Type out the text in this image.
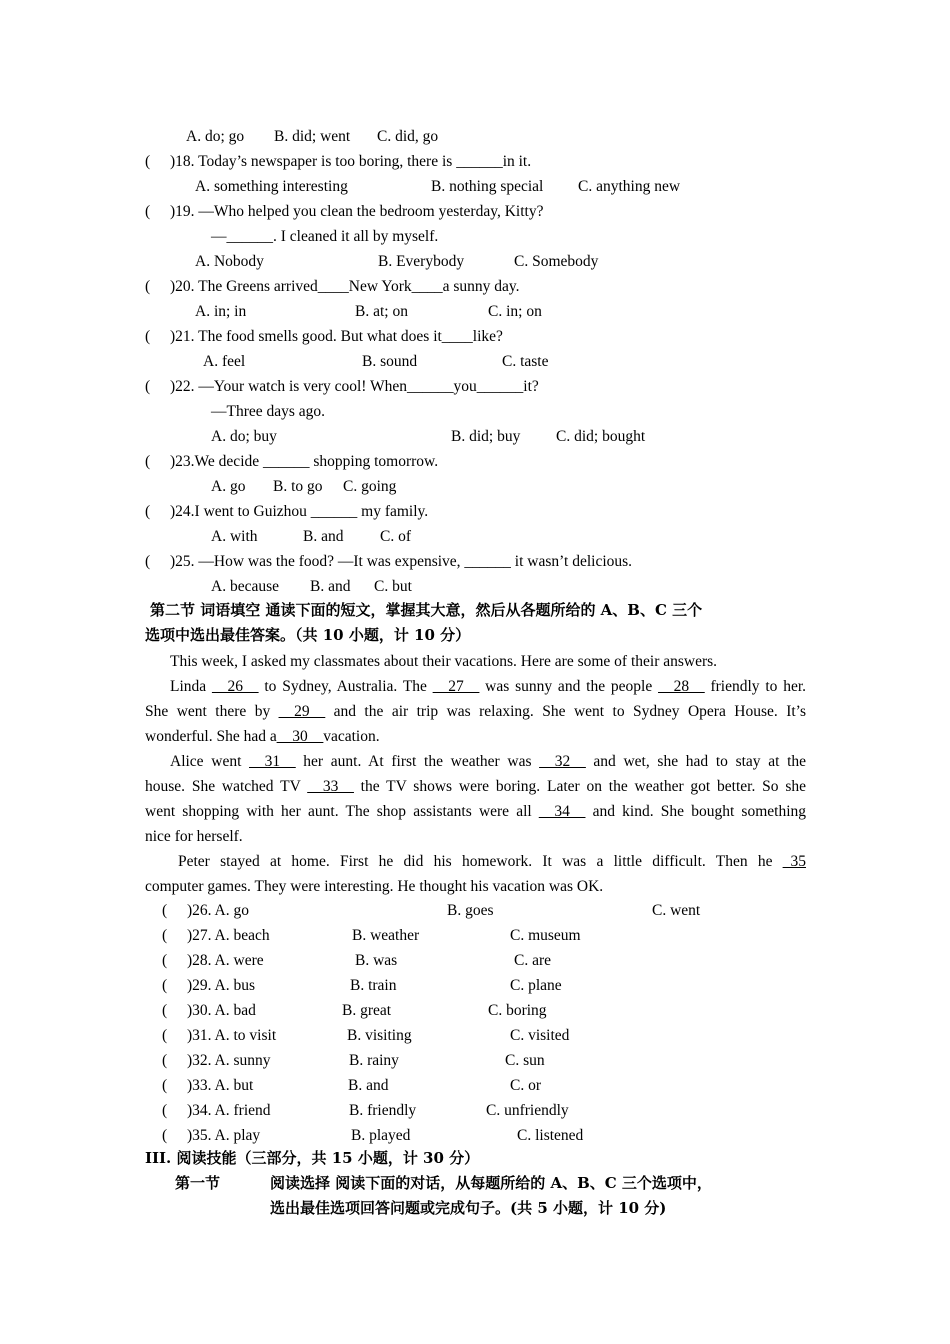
A. do; go B. did; went C. did, go
( )18. Today’s newspaper is too boring, there is ______in it.
A. something interesting	B. nothing special C. anything new
( )19. —Who helped you clean the bedroom yesterday, Kitty?
—______. I cleaned it all by myself.
A. Nobody	B. Everybody	C. Somebody
( )20. The Greens arrived____New York____a sunny day.
A. in; in	B. at; on	C. in; on
( )21. The food smells good. But what does it____like?
A. feel	B. sound	C. taste
( )22. —Your watch is very cool! When______you______it?
—Three days ago.
A. do; buy	B. did; buy C. did; bought
( )23.We decide ______ shopping tomorrow.
A. go B. to go C. going
( )24.I went to Guizhou ______ my family.
A. with	B. and C. of
( )25. —How was the food? —It was expensive, ______ it wasn’t delicious.
A. because B. and C. but
第二节 词语填空 通读下面的短文，掌握其大意，然后从各题所给的 A、B、C 三个
选项中选出最佳答案。（共 10 小题，计 10 分）
This week, I asked my classmates about their vacations. Here are some of their answers.
Linda __26__ to Sydney, Australia. The __27__ was sunny and the people __28__ friendly to her.
She went there by __29__ and the air trip was relaxing. She went to Sydney Opera House. It’s
wonderful. She had a__30__vacation.
Alice went __31__ her aunt. At first the weather was __32__ and wet, she had to stay at the
house. She watched TV __33__ the TV shows were boring. Later on the weather got better. So she
went shopping with her aunt. The shop assistants were all __34__ and kind. She bought something
nice for herself.
Peter stayed at home. First he did his homework. It was a little difficult. Then he _35
computer games. They were interesting. He thought his vacation was OK.
( )26. A. go	B. goes	C. went
( )27. A. beach	B. weather	C. museum
( )28. A. were	B. was	C. are
( )29. A. bus	B. train	C. plane
( )30. A. bad	B. great	C. boring
( )31. A. to visit	B. visiting	C. visited
( )32. A. sunny	B. rainy	C. sun
( )33. A. but	B. and	C. or
( )34. A. friend	B. friendly	C. unfriendly
( )35. A. play	B. played	C. listened
III. 阅读技能（三部分，共 15 小题，计 30 分）
第一节	阅读选择 阅读下面的对话，从每题所给的 A、B、C 三个选项中，
选出最佳选项回答问题或完成句子。(共 5 小题，计 10 分)
